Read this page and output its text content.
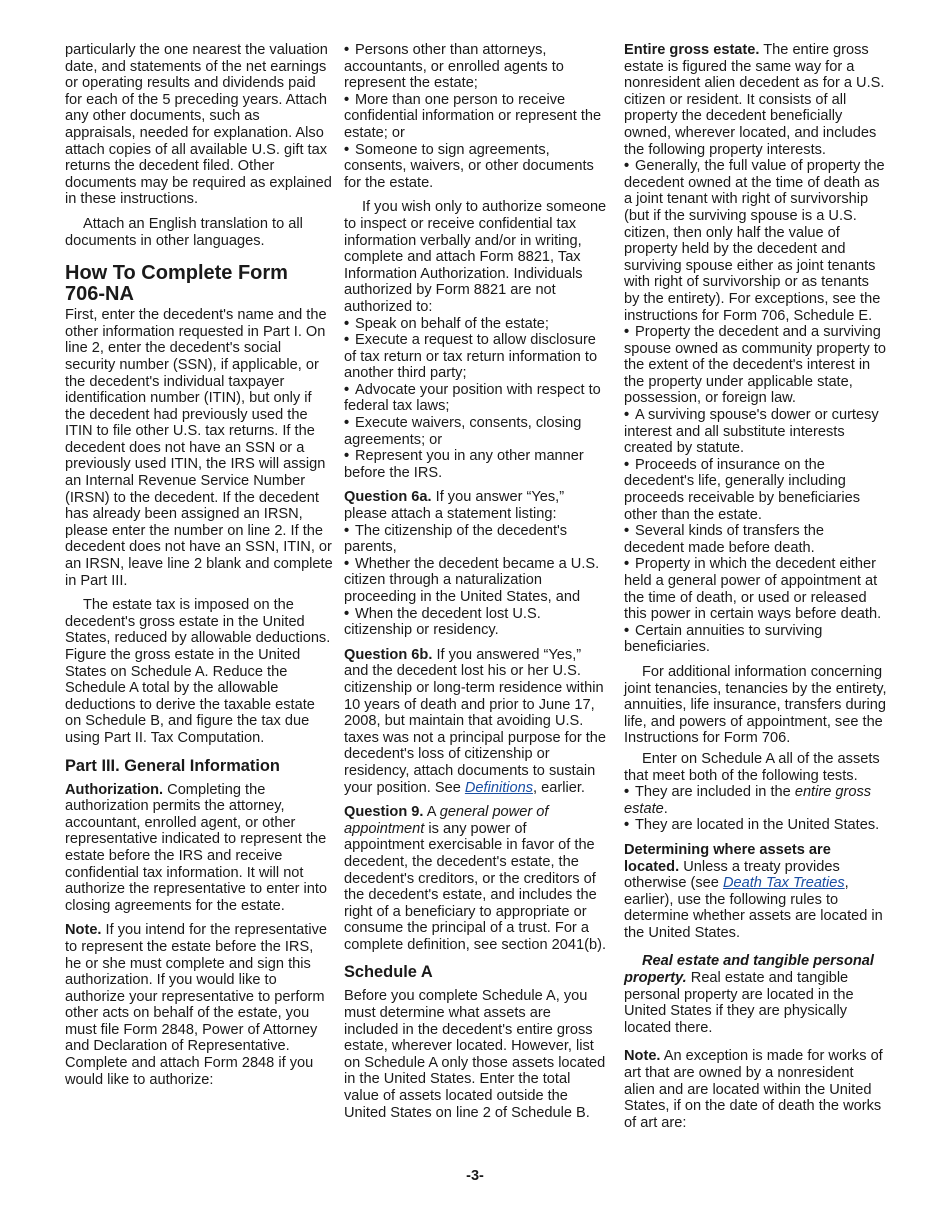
particularly the one nearest the valuation date, and statements of the net earnings or operating results and dividends paid for each of the 5 preceding years. Attach any other documents, such as appraisals, needed for explanation. Also attach copies of all available U.S. gift tax returns the decedent filed. Other documents may be required as explained in these instructions.

Attach an English translation to all documents in other languages.

How To Complete Form 706-NA

First, enter the decedent's name and the other information requested in Part I. On line 2, enter the decedent's social security number (SSN), if applicable, or the decedent's individual taxpayer identification number (ITIN), but only if the decedent had previously used the ITIN to file other U.S. tax returns. If the decedent does not have an SSN or a previously used ITIN, the IRS will assign an Internal Revenue Service Number (IRSN) to the decedent. If the decedent has already been assigned an IRSN, please enter the number on line 2. If the decedent does not have an SSN, ITIN, or an IRSN, leave line 2 blank and complete in Part III.

The estate tax is imposed on the decedent's gross estate in the United States, reduced by allowable deductions. Figure the gross estate in the United States on Schedule A. Reduce the Schedule A total by the allowable deductions to derive the taxable estate on Schedule B, and figure the tax due using Part II. Tax Computation.

Part III. General Information

Authorization. Completing the authorization permits the attorney, accountant, enrolled agent, or other representative indicated to represent the estate before the IRS and receive confidential tax information. It will not authorize the representative to enter into closing agreements for the estate.

Note. If you intend for the representative to represent the estate before the IRS, he or she must complete and sign this authorization. If you would like to authorize your representative to perform other acts on behalf of the estate, you must file Form 2848, Power of Attorney and Declaration of Representative. Complete and attach Form 2848 if you would like to authorize:

• Persons other than attorneys, accountants, or enrolled agents to represent the estate;
• More than one person to receive confidential information or represent the estate; or
• Someone to sign agreements, consents, waivers, or other documents for the estate.

If you wish only to authorize someone to inspect or receive confidential tax information verbally and/or in writing, complete and attach Form 8821, Tax Information Authorization. Individuals authorized by Form 8821 are not authorized to:

• Speak on behalf of the estate;
• Execute a request to allow disclosure of tax return or tax return information to another third party;
• Advocate your position with respect to federal tax laws;
• Execute waivers, consents, closing agreements; or
• Represent you in any other manner before the IRS.

Question 6a. If you answer “Yes,” please attach a statement listing:

• The citizenship of the decedent's parents,
• Whether the decedent became a U.S. citizen through a naturalization proceeding in the United States, and
• When the decedent lost U.S. citizenship or residency.

Question 6b. If you answered “Yes,” and the decedent lost his or her U.S. citizenship or long-term residence within 10 years of death and prior to June 17, 2008, but maintain that avoiding U.S. taxes was not a principal purpose for the decedent's loss of citizenship or residency, attach documents to sustain your position. See Definitions, earlier.

Question 9. A general power of appointment is any power of appointment exercisable in favor of the decedent, the decedent's estate, the decedent's creditors, or the creditors of the decedent's estate, and includes the right of a beneficiary to appropriate or consume the principal of a trust. For a complete definition, see section 2041(b).

Schedule A

Before you complete Schedule A, you must determine what assets are included in the decedent's entire gross estate, wherever located. However, list on Schedule A only those assets located in the United States. Enter the total value of assets located outside the United States on line 2 of Schedule B.

Entire gross estate. The entire gross estate is figured the same way for a nonresident alien decedent as for a U.S. citizen or resident. It consists of all property the decedent beneficially owned, wherever located, and includes the following property interests.

• Generally, the full value of property the decedent owned at the time of death as a joint tenant with right of survivorship (but if the surviving spouse is a U.S. citizen, then only half the value of property held by the decedent and surviving spouse either as joint tenants with right of survivorship or as tenants by the entirety). For exceptions, see the instructions for Form 706, Schedule E.
• Property the decedent and a surviving spouse owned as community property to the extent of the decedent's interest in the property under applicable state, possession, or foreign law.
• A surviving spouse's dower or curtesy interest and all substitute interests created by statute.
• Proceeds of insurance on the decedent's life, generally including proceeds receivable by beneficiaries other than the estate.
• Several kinds of transfers the decedent made before death.
• Property in which the decedent either held a general power of appointment at the time of death, or used or released this power in certain ways before death.
• Certain annuities to surviving beneficiaries.

For additional information concerning joint tenancies, tenancies by the entirety, annuities, life insurance, transfers during life, and powers of appointment, see the Instructions for Form 706.

Enter on Schedule A all of the assets that meet both of the following tests.

• They are included in the entire gross estate.
• They are located in the United States.

Determining where assets are located. Unless a treaty provides otherwise (see Death Tax Treaties, earlier), use the following rules to determine whether assets are located in the United States.

Real estate and tangible personal property. Real estate and tangible personal property are located in the United States if they are physically located there.

Note. An exception is made for works of art that are owned by a nonresident alien and are located within the United States, if on the date of death the works of art are:

-3-
